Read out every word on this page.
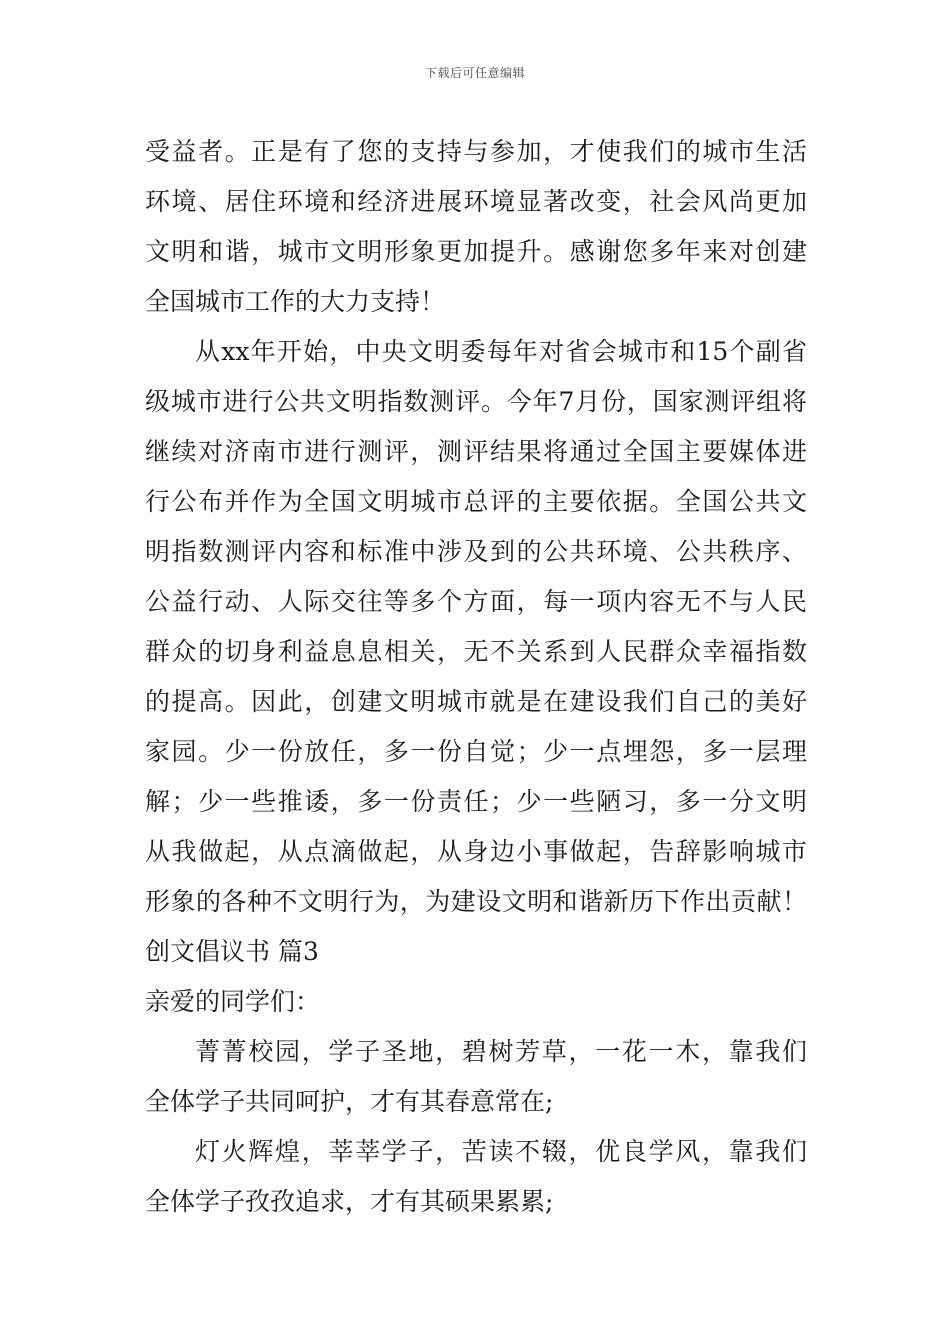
下载后可任意编辑
受益者。正是有了您的支持与参加，才使我们的城市生活
环境、居住环境和经济进展环境显著改变，社会风尚更加
文明和谐，城市文明形象更加提升。感谢您多年来对创建
全国城市工作的大力支持！
从xx年开始，中央文明委每年对省会城市和15个副省
级城市进行公共文明指数测评。今年7月份，国家测评组将
继续对济南市进行测评，测评结果将通过全国主要媒体进
行公布并作为全国文明城市总评的主要依据。全国公共文
明指数测评内容和标准中涉及到的公共环境、公共秩序、
公益行动、人际交往等多个方面，每一项内容无不与人民
群众的切身利益息息相关，无不关系到人民群众幸福指数
的提高。因此，创建文明城市就是在建设我们自己的美好
家园。少一份放任，多一份自觉；少一点埋怨，多一层理
解；少一些推诿，多一份责任；少一些陋习，多一分文明
从我做起，从点滴做起，从身边小事做起，告辞影响城市
形象的各种不文明行为，为建设文明和谐新历下作出贡献！
创文倡议书 篇3
亲爱的同学们：
菁菁校园，学子圣地，碧树芳草，一花一木，靠我们
全体学子共同呵护，才有其春意常在;
灯火辉煌，莘莘学子，苦读不辍，优良学风，靠我们
全体学子孜孜追求，才有其硕果累累;
